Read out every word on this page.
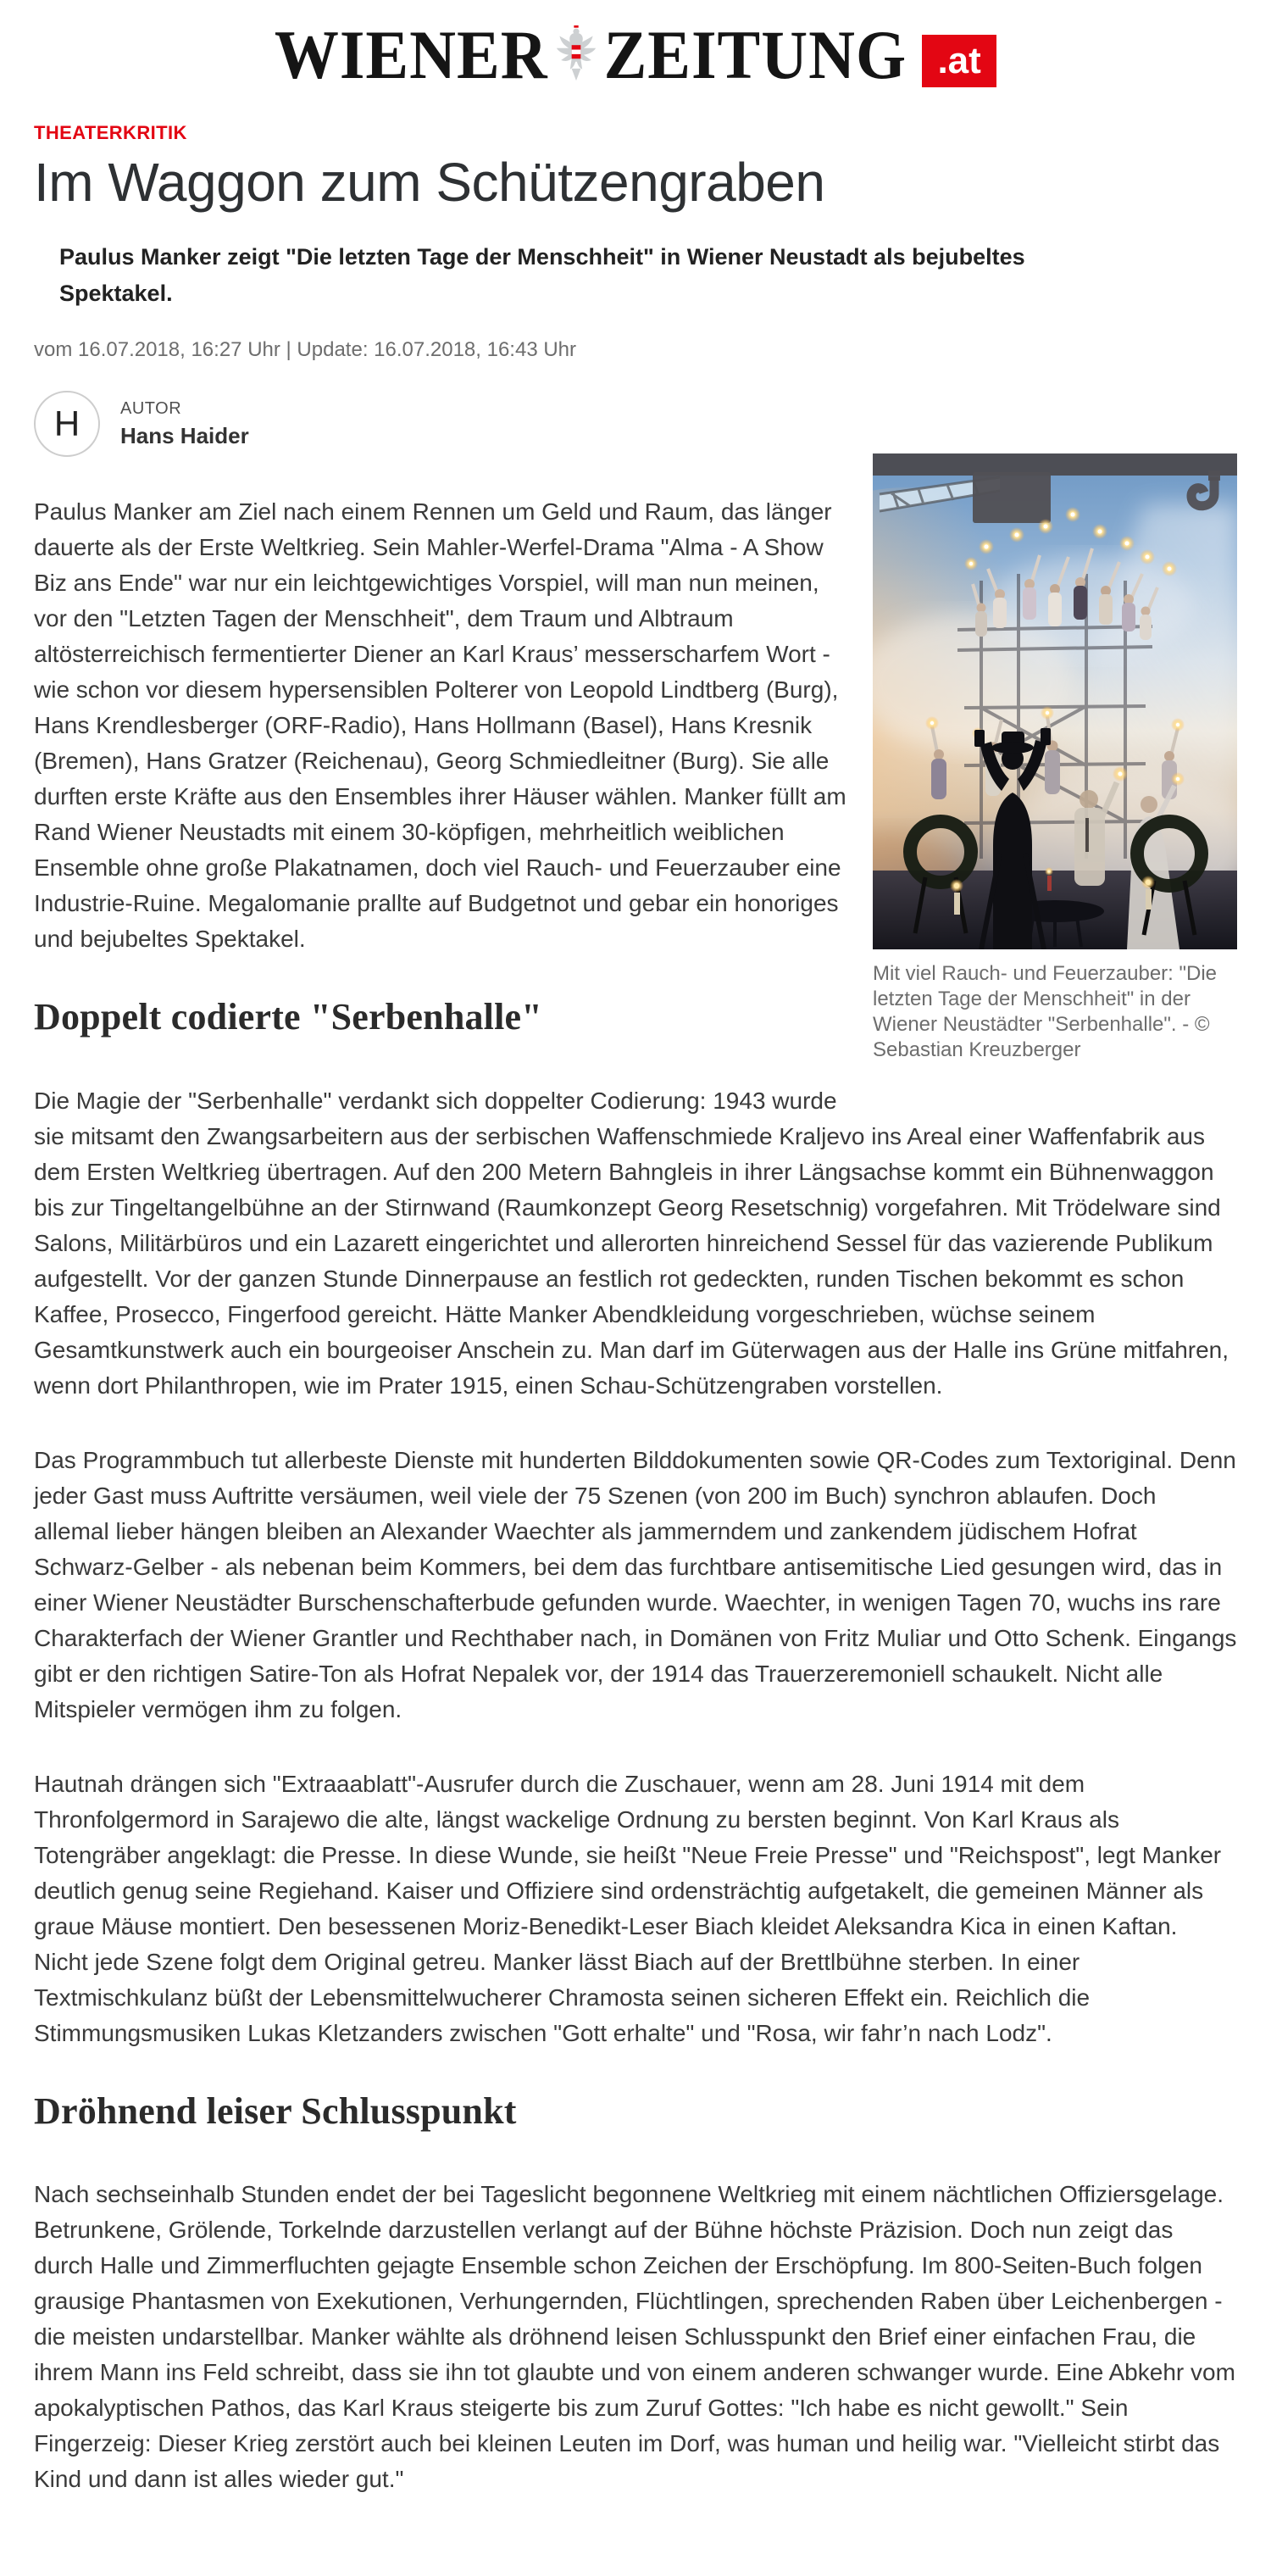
WIENER ZEITUNG .at
THEATERKRITIK
Im Waggon zum Schützengraben

Paulus Manker zeigt "Die letzten Tage der Menschheit" in Wiener Neustadt als bejubeltes Spektakel.

vom 16.07.2018, 16:27 Uhr | Update: 16.07.2018, 16:43 Uhr
H AUTOR
Hans Haider
Mit viel Rauch- und Feuerzauber: "Die letzten Tage der Menschheit" in der Wiener Neustädter "Serbenhalle". - © Sebastian Kreuzberger

Paulus Manker am Ziel nach einem Rennen um Geld und Raum, das länger dauerte als der Erste Weltkrieg. Sein Mahler-Werfel-Drama "Alma - A Show Biz ans Ende" war nur ein leichtgewichtiges Vorspiel, will man nun meinen, vor den "Letzten Tagen der Menschheit", dem Traum und Albtraum altösterreichisch fermentierter Diener an Karl Kraus’ messerscharfem Wort - wie schon vor diesem hypersensiblen Polterer von Leopold Lindtberg (Burg), Hans Krendlesberger (ORF-Radio), Hans Hollmann (Basel), Hans Kresnik (Bremen), Hans Gratzer (Reichenau), Georg Schmiedleitner (Burg). Sie alle durften erste Kräfte aus den Ensembles ihrer Häuser wählen. Manker füllt am Rand Wiener Neustadts mit einem 30-köpfigen, mehrheitlich weiblichen Ensemble ohne große Plakatnamen, doch viel Rauch- und Feuerzauber eine Industrie-Ruine. Megalomanie prallte auf Budgetnot und gebar ein honoriges und bejubeltes Spektakel.

Doppelt codierte "Serbenhalle"

Die Magie der "Serbenhalle" verdankt sich doppelter Codierung: 1943 wurde sie mitsamt den Zwangsarbeitern aus der serbischen Waffenschmiede Kraljevo ins Areal einer Waffenfabrik aus dem Ersten Weltkrieg übertragen. Auf den 200 Metern Bahngleis in ihrer Längsachse kommt ein Bühnenwaggon bis zur Tingeltangelbühne an der Stirnwand (Raumkonzept Georg Resetschnig) vorgefahren. Mit Trödelware sind Salons, Militärbüros und ein Lazarett eingerichtet und allerorten hinreichend Sessel für das vazierende Publikum aufgestellt. Vor der ganzen Stunde Dinnerpause an festlich rot gedeckten, runden Tischen bekommt es schon Kaffee, Prosecco, Fingerfood gereicht. Hätte Manker Abendkleidung vorgeschrieben, wüchse seinem Gesamtkunstwerk auch ein bourgeoiser Anschein zu. Man darf im Güterwagen aus der Halle ins Grüne mitfahren, wenn dort Philanthropen, wie im Prater 1915, einen Schau-Schützengraben vorstellen.

Das Programmbuch tut allerbeste Dienste mit hunderten Bilddokumenten sowie QR-Codes zum Textoriginal. Denn jeder Gast muss Auftritte versäumen, weil viele der 75 Szenen (von 200 im Buch) synchron ablaufen. Doch allemal lieber hängen bleiben an Alexander Waechter als jammerndem und zankendem jüdischem Hofrat Schwarz-Gelber - als nebenan beim Kommers, bei dem das furchtbare antisemitische Lied gesungen wird, das in einer Wiener Neustädter Burschenschafterbude gefunden wurde. Waechter, in wenigen Tagen 70, wuchs ins rare Charakterfach der Wiener Grantler und Rechthaber nach, in Domänen von Fritz Muliar und Otto Schenk. Eingangs gibt er den richtigen Satire-Ton als Hofrat Nepalek vor, der 1914 das Trauerzeremoniell schaukelt. Nicht alle Mitspieler vermögen ihm zu folgen.

Hautnah drängen sich "Extraaablatt"-Ausrufer durch die Zuschauer, wenn am 28. Juni 1914 mit dem Thronfolgermord in Sarajewo die alte, längst wackelige Ordnung zu bersten beginnt. Von Karl Kraus als Totengräber angeklagt: die Presse. In diese Wunde, sie heißt "Neue Freie Presse" und "Reichspost", legt Manker deutlich genug seine Regiehand. Kaiser und Offiziere sind ordensträchtig aufgetakelt, die gemeinen Männer als graue Mäuse montiert. Den besessenen Moriz-Benedikt-Leser Biach kleidet Aleksandra Kica in einen Kaftan. Nicht jede Szene folgt dem Original getreu. Manker lässt Biach auf der Brettlbühne sterben. In einer Textmischkulanz büßt der Lebensmittelwucherer Chramosta seinen sicheren Effekt ein. Reichlich die Stimmungsmusiken Lukas Kletzanders zwischen "Gott erhalte" und "Rosa, wir fahr’n nach Lodz".

Dröhnend leiser Schlusspunkt

Nach sechseinhalb Stunden endet der bei Tageslicht begonnene Weltkrieg mit einem nächtlichen Offiziersgelage. Betrunkene, Grölende, Torkelnde darzustellen verlangt auf der Bühne höchste Präzision. Doch nun zeigt das durch Halle und Zimmerfluchten gejagte Ensemble schon Zeichen der Erschöpfung. Im 800-Seiten-Buch folgen grausige Phantasmen von Exekutionen, Verhungernden, Flüchtlingen, sprechenden Raben über Leichenbergen - die meisten undarstellbar. Manker wählte als dröhnend leisen Schlusspunkt den Brief einer einfachen Frau, die ihrem Mann ins Feld schreibt, dass sie ihn tot glaubte und von einem anderen schwanger wurde. Eine Abkehr vom apokalyptischen Pathos, das Karl Kraus steigerte bis zum Zuruf Gottes: "Ich habe es nicht gewollt." Sein Fingerzeig: Dieser Krieg zerstört auch bei kleinen Leuten im Dorf, was human und heilig war. "Vielleicht stirbt das Kind und dann ist alles wieder gut."
